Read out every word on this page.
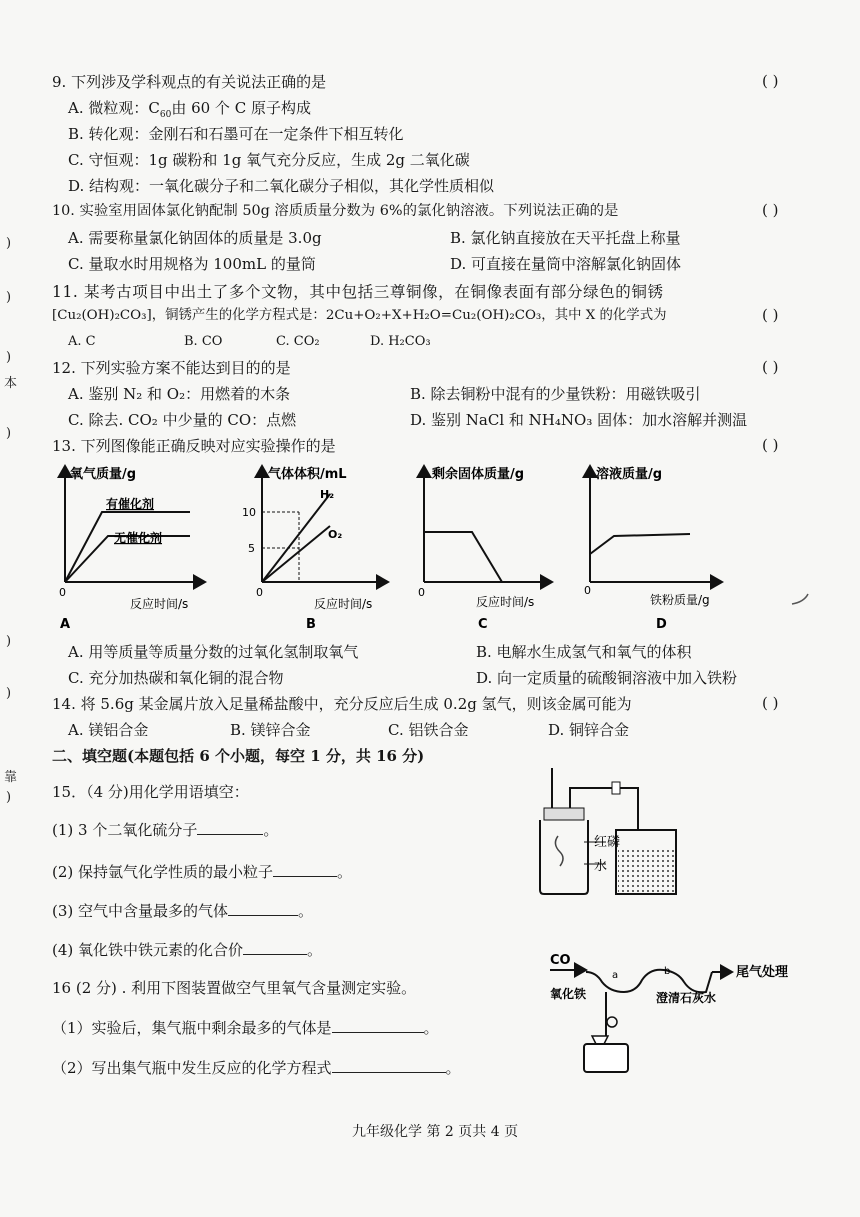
)
)
)
本
)
)
)
靠
)
9. 下列涉及学科观点的有关说法正确的是	( )
A. 微粒观：$C_{60}$由 60 个 C 原子构成
B. 转化观：金刚石和石墨可在一定条件下相互转化
C. 守恒观：1g 碳粉和 1g 氧气充分反应，生成 2g 二氧化碳
D. 结构观：一氧化碳分子和二氧化碳分子相似，其化学性质相似
10. 实验室用固体氯化钠配制 50g 溶质质量分数为 6%的氯化钠溶液。下列说法正确的是	( )
A. 需要称量氯化钠固体的质量是 3.0g	B. 氯化钠直接放在天平托盘上称量
C. 量取水时用规格为 100mL 的量筒	D. 可直接在量筒中溶解氯化钠固体
11. 某考古项目中出土了多个文物，其中包括三尊铜像，在铜像表面有部分绿色的铜锈
[Cu₂(OH)₂CO₃]，铜锈产生的化学方程式是：2Cu+O₂+X+H₂O=Cu₂(OH)₂CO₃，其中 X 的化学式为	( )
A. C	B. CO	C. CO₂	D. H₂CO₃
12. 下列实验方案不能达到目的的是	( )
A. 鉴别 N₂ 和 O₂：用燃着的木条	B. 除去铜粉中混有的少量铁粉：用磁铁吸引
C. 除去. CO₂ 中少量的 CO：点燃	D. 鉴别 NaCl 和 NH₄NO₃ 固体：加水溶解并测温
13. 下列图像能正确反映对应实验操作的是	( )
氧气质量/g
0
反应时间/s
A
有催化剂
无催化剂
气体体积/mL
0
反应时间/s
B
10
5
H₂
O₂
剩余固体质量/g
0
反应时间/s
C
溶液质量/g
0
铁粉质量/g
D
A. 用等质量等质量分数的过氧化氢制取氧气	B. 电解水生成氢气和氧气的体积
C. 充分加热碳和氧化铜的混合物	D. 向一定质量的硫酸铜溶液中加入铁粉
14. 将 5.6g 某金属片放入足量稀盐酸中，充分反应后生成 0.2g 氢气，则该金属可能为	( )
A. 镁铝合金	B. 镁锌合金	C. 铝铁合金	D. 铜锌合金
二、填空题(本题包括 6 个小题，每空 1 分，共 16 分)
15．（4 分)用化学用语填空：
(1) 3 个二氧化硫分子	。
(2) 保持氩气化学性质的最小粒子	。
(3) 空气中含量最多的气体	。
(4) 氧化铁中铁元素的化合价	。
16 (2 分) . 利用下图装置做空气里氧气含量测定实验。
（1）实验后，集气瓶中剩余最多的气体是	。
（2）写出集气瓶中发生反应的化学方程式	。
红磷
水
CO
a	b	尾气处理
氧化铁	澄清石灰水
九年级化学 第 2 页共 4 页
